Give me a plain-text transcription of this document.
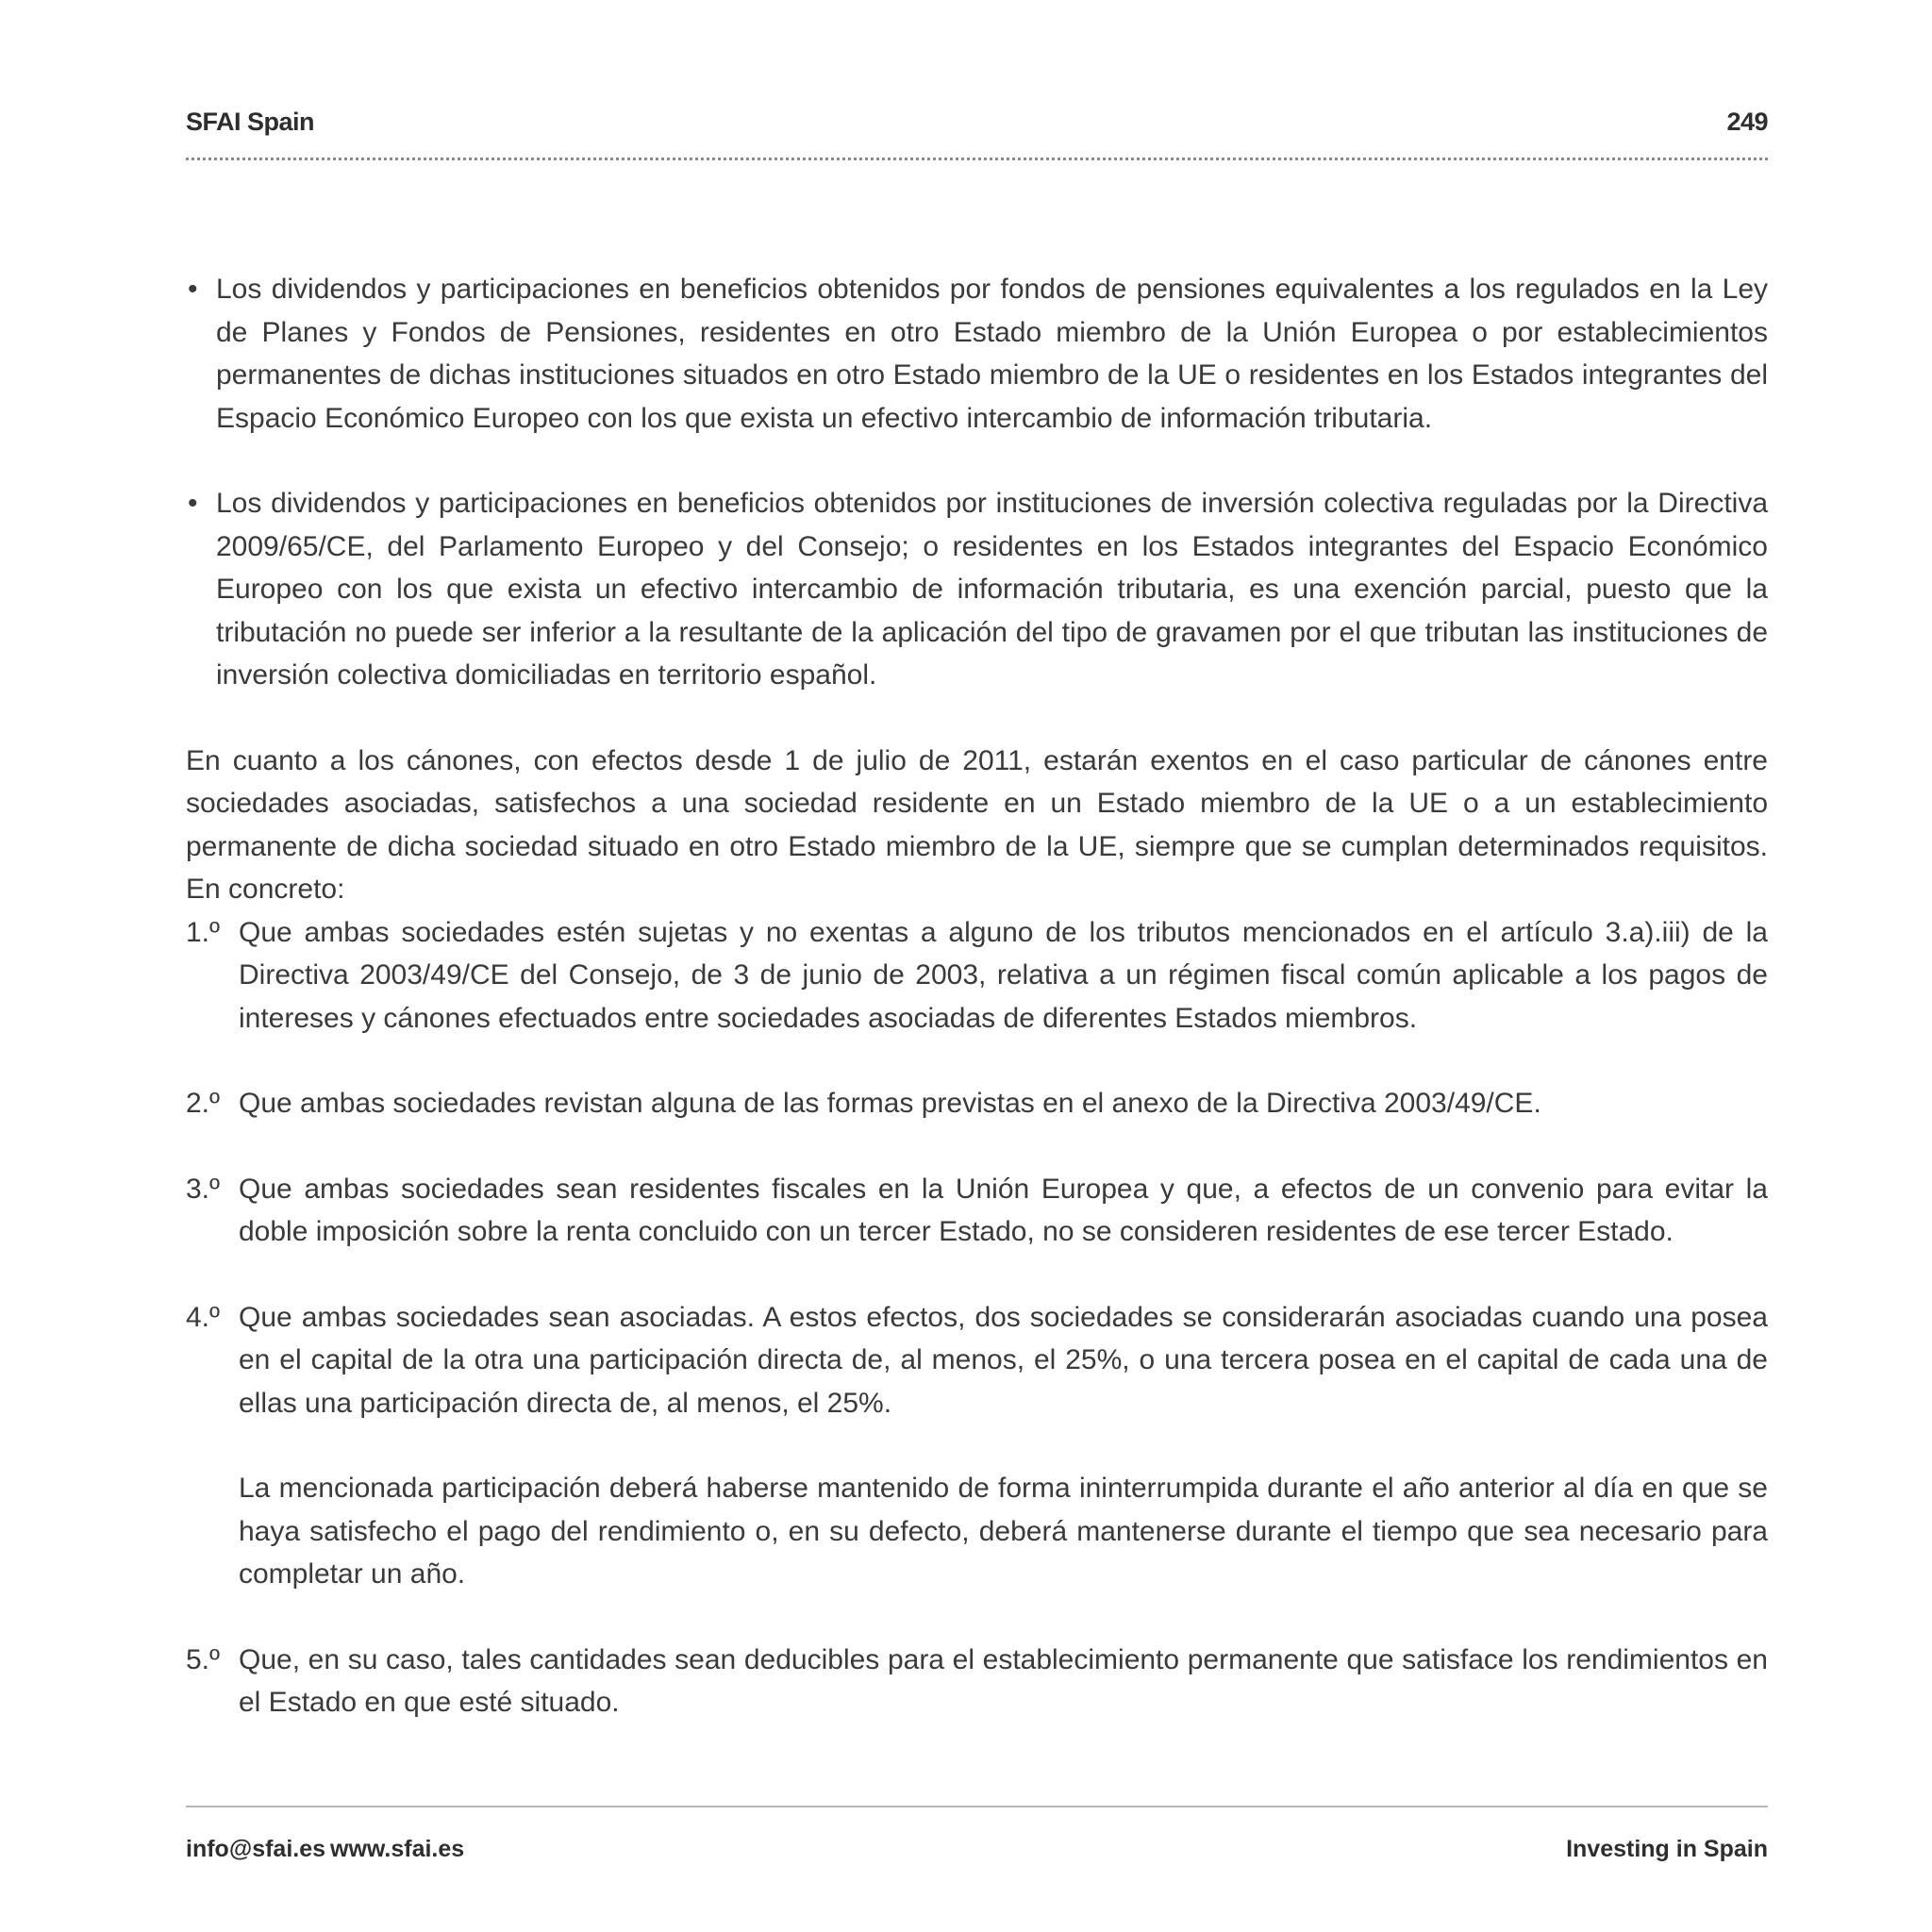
SFAI Spain	249
• Los dividendos y participaciones en beneficios obtenidos por fondos de pensiones equivalentes a los regulados en la Ley de Planes y Fondos de Pensiones, residentes en otro Estado miembro de la Unión Europea o por establecimientos permanentes de dichas instituciones situados en otro Estado miembro de la UE o residentes en los Estados integrantes del Espacio Económico Europeo con los que exista un efectivo intercambio de información tributaria.

• Los dividendos y participaciones en beneficios obtenidos por instituciones de inversión colectiva reguladas por la Directiva 2009/65/CE, del Parlamento Europeo y del Consejo; o residentes en los Estados integrantes del Espacio Económico Europeo con los que exista un efectivo intercambio de información tributaria, es una exención parcial, puesto que la tributación no puede ser inferior a la resultante de la aplicación del tipo de gravamen por el que tributan las instituciones de inversión colectiva domiciliadas en territorio español.

En cuanto a los cánones, con efectos desde 1 de julio de 2011, estarán exentos en el caso particular de cánones entre sociedades asociadas, satisfechos a una sociedad residente en un Estado miembro de la UE o a un establecimiento permanente de dicha sociedad situado en otro Estado miembro de la UE, siempre que se cumplan determinados requisitos. En concreto:

1.º Que ambas sociedades estén sujetas y no exentas a alguno de los tributos mencionados en el artículo 3.a).iii) de la Directiva 2003/49/CE del Consejo, de 3 de junio de 2003, relativa a un régimen fiscal común aplicable a los pagos de intereses y cánones efectuados entre sociedades asociadas de diferentes Estados miembros.

2.º Que ambas sociedades revistan alguna de las formas previstas en el anexo de la Directiva 2003/49/CE.

3.º Que ambas sociedades sean residentes fiscales en la Unión Europea y que, a efectos de un convenio para evitar la doble imposición sobre la renta concluido con un tercer Estado, no se consideren residentes de ese tercer Estado.

4.º Que ambas sociedades sean asociadas. A estos efectos, dos sociedades se considerarán asociadas cuando una posea en el capital de la otra una participación directa de, al menos, el 25%, o una tercera posea en el capital de cada una de ellas una participación directa de, al menos, el 25%.

La mencionada participación deberá haberse mantenido de forma ininterrumpida durante el año anterior al día en que se haya satisfecho el pago del rendimiento o, en su defecto, deberá mantenerse durante el tiempo que sea necesario para completar un año.

5.º Que, en su caso, tales cantidades sean deducibles para el establecimiento permanente que satisface los rendimientos en el Estado en que esté situado.

info@sfai.es www.sfai.es	Investing in Spain
